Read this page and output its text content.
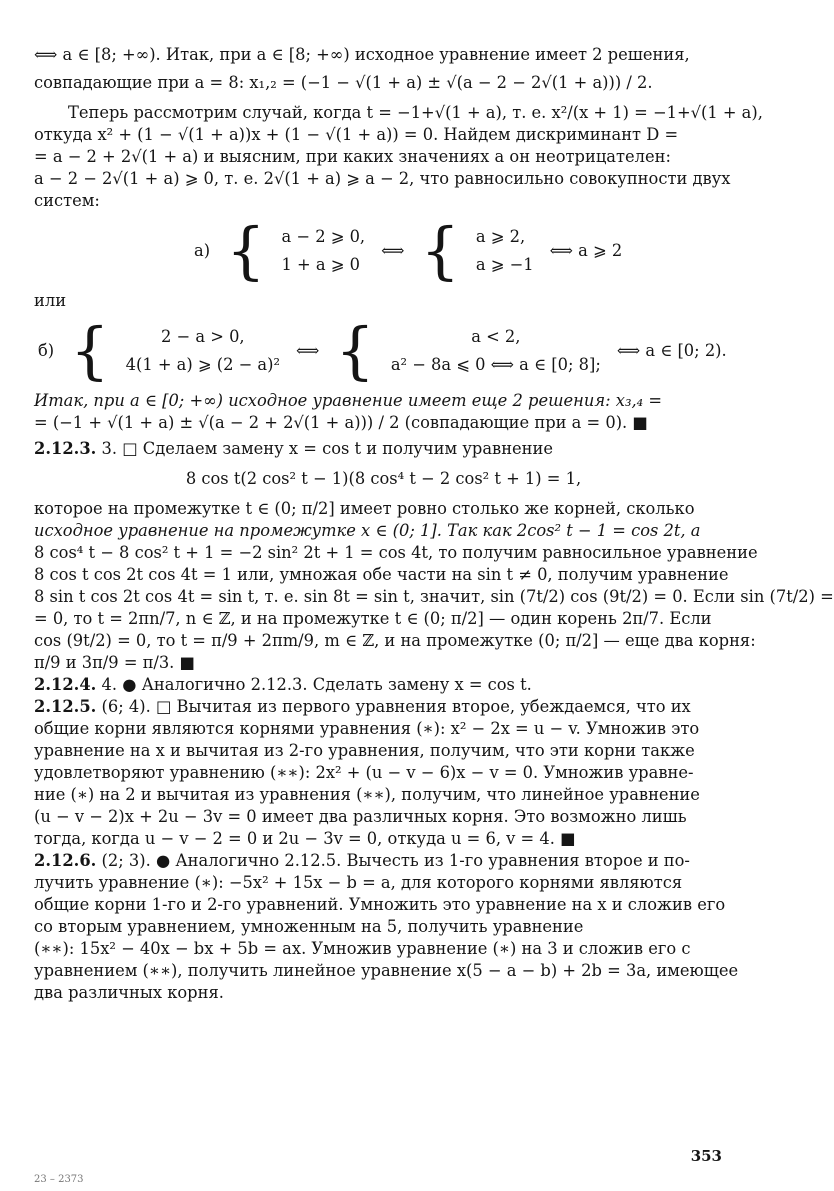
⟺ a ∈ [8; +∞). Итак, при a ∈ [8; +∞) исходное уравнение имеет 2 решения,
совпадающие при a = 8: x₁,₂ = (−1 − √(1 + a) ± √(a − 2 − 2√(1 + a))) / 2.
Теперь рассмотрим случай, когда t = −1+√(1 + a), т. е. x²/(x + 1) = −1+√(1 + a),
откуда x² + (1 − √(1 + a))x + (1 − √(1 + a)) = 0. Найдем дискриминант D =
= a − 2 + 2√(1 + a) и выясним, при каких значениях a он неотрицателен:
a − 2 − 2√(1 + a) ⩾ 0, т. е. 2√(1 + a) ⩾ a − 2, что равносильно совокупности двух
систем:
а) { a − 2 ⩾ 0,
1 + a ⩾ 0
⟺ { a ⩾ 2,
a ⩾ −1
⟺ a ⩾ 2
или
б) {	2 − a > 0,
4(1 + a) ⩾ (2 − a)²
⟺ {	a < 2,
a² − 8a ⩽ 0 ⟺ a ∈ [0; 8];
⟺ a ∈ [0; 2).
Итак, при a ∈ [0; +∞) исходное уравнение имеет еще 2 решения: x₃,₄ =
= (−1 + √(1 + a) ± √(a − 2 + 2√(1 + a))) / 2 (совпадающие при a = 0). ■
2.12.3. 3. □ Сделаем замену x = cos t и получим уравнение
8 cos t(2 cos² t − 1)(8 cos⁴ t − 2 cos² t + 1) = 1,
которое на промежутке t ∈ (0; π/2] имеет ровно столько же корней, сколько
исходное уравнение на промежутке x ∈ (0; 1]. Так как 2cos² t − 1 = cos 2t, а
8 cos⁴ t − 8 cos² t + 1 = −2 sin² 2t + 1 = cos 4t, то получим равносильное уравнение
8 cos t cos 2t cos 4t = 1 или, умножая обе части на sin t ≠ 0, получим уравнение
8 sin t cos 2t cos 4t = sin t, т. е. sin 8t = sin t, значит, sin (7t/2) cos (9t/2) = 0. Если sin (7t/2) =
= 0, то t = 2πn/7, n ∈ ℤ, и на промежутке t ∈ (0; π/2] — один корень 2π/7. Если
cos (9t/2) = 0, то t = π/9 + 2πm/9, m ∈ ℤ, и на промежутке (0; π/2] — еще два корня:
π/9 и 3π/9 = π/3. ■
2.12.4. 4. ● Аналогично 2.12.3. Сделать замену x = cos t.
2.12.5. (6; 4). □ Вычитая из первого уравнения второе, убеждаемся, что их
общие корни являются корнями уравнения (∗): x² − 2x = u − v. Умножив это
уравнение на x и вычитая из 2-го уравнения, получим, что эти корни также
удовлетворяют уравнению (∗∗): 2x² + (u − v − 6)x − v = 0. Умножив уравне-
ние (∗) на 2 и вычитая из уравнения (∗∗), получим, что линейное уравнение
(u − v − 2)x + 2u − 3v = 0 имеет два различных корня. Это возможно лишь
тогда, когда u − v − 2 = 0 и 2u − 3v = 0, откуда u = 6, v = 4. ■
2.12.6. (2; 3). ● Аналогично 2.12.5. Вычесть из 1-го уравнения второе и по-
лучить уравнение (∗): −5x² + 15x − b = a, для которого корнями являются
общие корни 1-го и 2-го уравнений. Умножить это уравнение на x и сложив его
со вторым уравнением, умноженным на 5, получить уравнение
(∗∗): 15x² − 40x − bx + 5b = ax. Умножив уравнение (∗) на 3 и сложив его с
уравнением (∗∗), получить линейное уравнение x(5 − a − b) + 2b = 3a, имеющее
два различных корня.
353
23 – 2373
